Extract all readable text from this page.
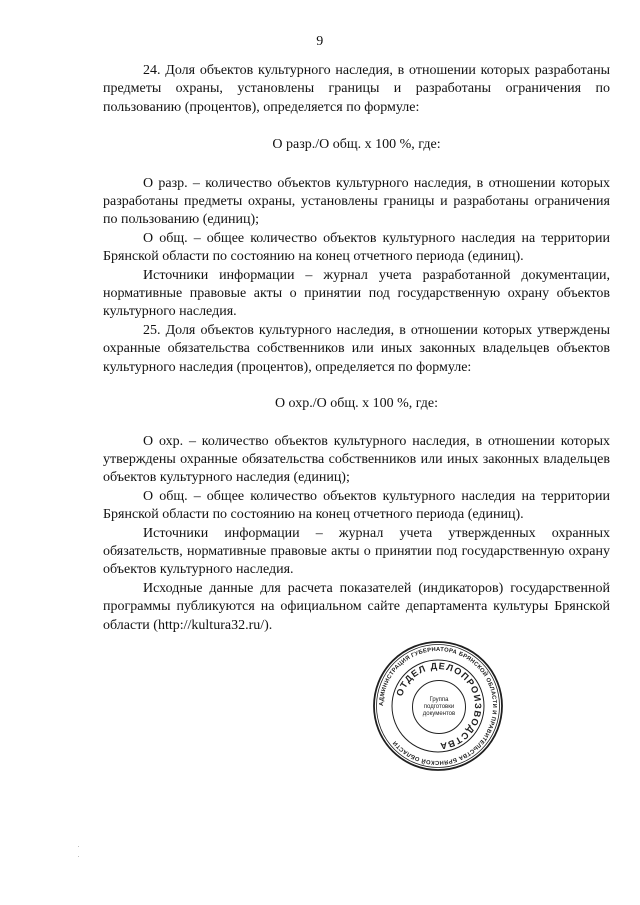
9

24. Доля объектов культурного наследия, в отношении которых разработаны предметы охраны, установлены границы и разработаны ограничения по пользованию (процентов), определяется по формуле:

О разр./О общ. х 100 %, где:

О разр. – количество объектов культурного наследия, в отношении которых разработаны предметы охраны, установлены границы и разработаны ограничения по пользованию (единиц);

О общ. – общее количество объектов культурного наследия на территории Брянской области по состоянию на конец отчетного периода (единиц).

Источники информации – журнал учета разработанной документации, нормативные правовые акты о принятии под государственную охрану объектов культурного наследия.

25. Доля объектов культурного наследия, в отношении которых утверждены охранные обязательства собственников или иных законных владельцев объектов культурного наследия (процентов), определяется по формуле:

О охр./О общ. х 100 %, где:

О охр. – количество объектов культурного наследия, в отношении которых утверждены охранные обязательства собственников или иных законных владельцев объектов культурного наследия (единиц);

О общ. – общее количество объектов культурного наследия на территории Брянской области по состоянию на конец отчетного периода (единиц).

Источники информации – журнал учета утвержденных охранных обязательств, нормативные правовые акты о принятии под государственную охрану объектов культурного наследия.

Исходные данные для расчета показателей (индикаторов) государственной программы публикуются на официальном сайте департамента культуры Брянской области (http://kultura32.ru/).

АДМИНИСТРАЦИЯ ГУБЕРНАТОРА БРЯНСКОЙ ОБЛАСТИ И ПРАВИТЕЛЬСТВА БРЯНСКОЙ ОБЛАСТИ
ОТДЕЛ ДЕЛОПРОИЗВОДСТВА
Группа
подготовки
документов
